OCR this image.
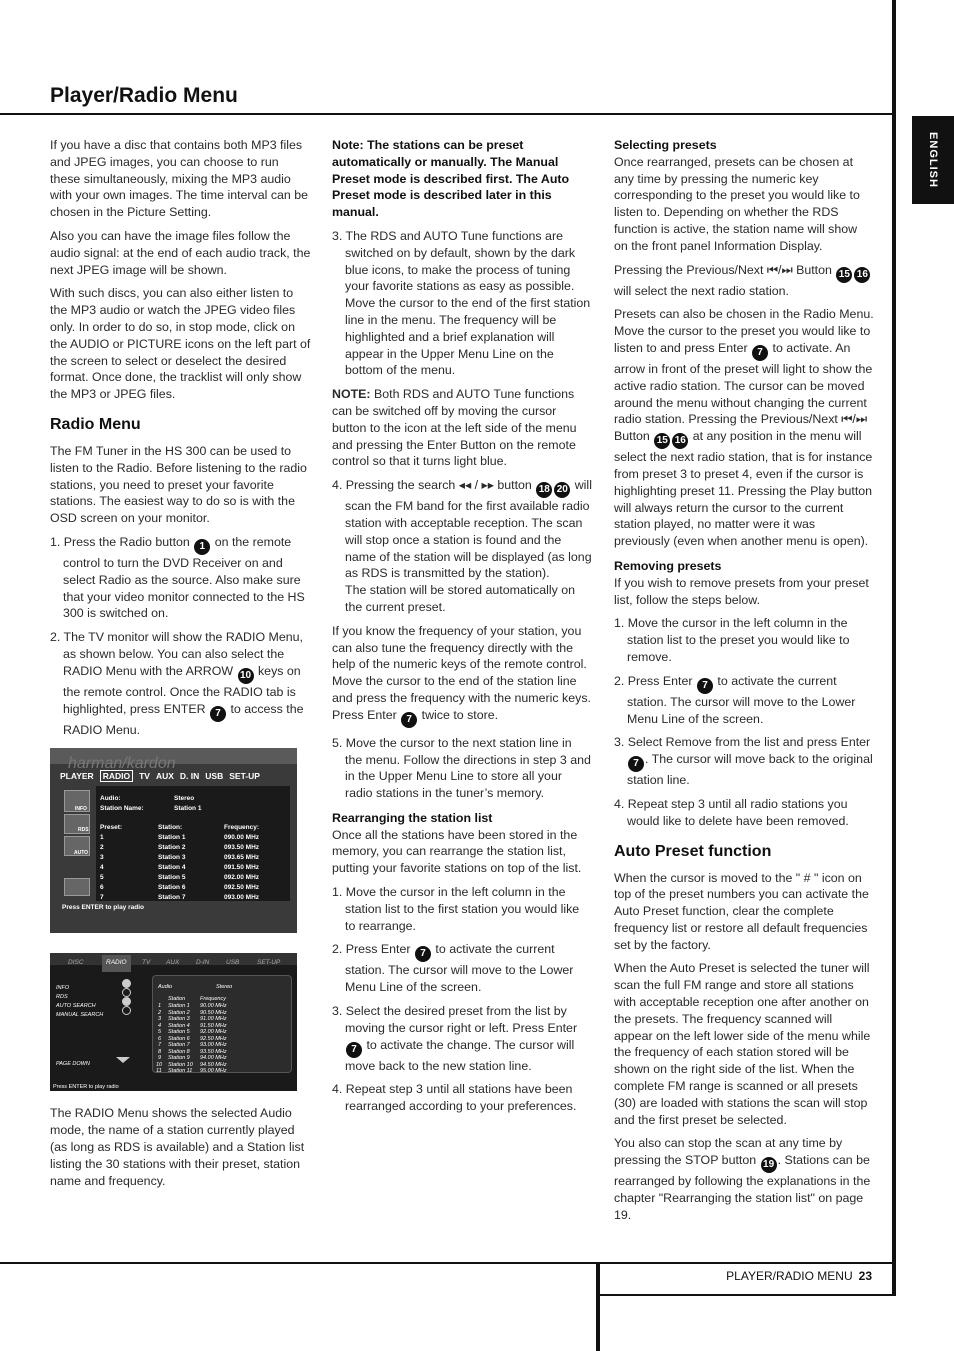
Player/Radio Menu
ENGLISH
PLAYER/RADIO MENU 23

If you have a disc that contains both MP3 files and JPEG images, you can choose to run these simultaneously, mixing the MP3 audio with your own images. The time interval can be chosen in the Picture Setting.

Also you can have the image files follow the audio signal: at the end of each audio track, the next JPEG image will be shown.

With such discs, you can also either listen to the MP3 audio or watch the JPEG video files only. In order to do so, in stop mode, click on the AUDIO or PICTURE icons on the left part of the screen to select or deselect the desired format. Once done, the tracklist will only show the MP3 or JPEG files.

Radio Menu

The FM Tuner in the HS 300 can be used to listen to the Radio. Before listening to the radio stations, you need to preset your favorite stations. The easiest way to do so is with the OSD screen on your monitor.

1. Press the Radio button 1 on the remote control to turn the DVD Receiver on and select Radio as the source. Also make sure that your video monitor connected to the HS 300 is switched on.

2. The TV monitor will show the RADIO Menu, as shown below. You can also select the RADIO Menu with the ARROW 10 keys on the remote control. Once the RADIO tab is highlighted, press ENTER 7 to access the RADIO Menu.

harman/kardon
PLAYER RADIO TV AUX D. IN USB SET-UP
INFO
RDS
AUTO
Audio:	Stereo
Station Name:	Station 1
Preset:	Station:	Frequency:
1	Station 1	090.00 MHz
2	Station 2	093.50 MHz
3	Station 3	093.65 MHz
4	Station 4	091.50 MHz
5	Station 5	092.00 MHz
6	Station 6	092.50 MHz
7	Station 7	093.00 MHz
Press ENTER to play radio
DISC	RADIO	TV AUX	D-IN	USB	SET-UP
INFO
RDS
AUTO SEARCH
MANUAL SEARCH
PAGE DOWN
Audio	Stereo
Station	Frequency
1 Station 1 90.00 MHz
2 Station 2 90.50 MHz
3 Station 3 91.00 MHz
4 Station 4 91.50 MHz
5 Station 5 92.00 MHz
6 Station 6 92.50 MHz
7 Station 7 93.00 MHz
8 Station 8 93.50 MHz
9 Station 9 94.00 MHz
10 Station 10 94.50 MHz
11 Station 11 95.00 MHz
Press ENTER to play radio

The RADIO Menu shows the selected Audio mode, the name of a station currently played (as long as RDS is available) and a Station list listing the 30 stations with their preset, station name and frequency.

Note: The stations can be preset automatically or manually. The Manual Preset mode is described first. The Auto Preset mode is described later in this manual.

3. The RDS and AUTO Tune functions are switched on by default, shown by the dark blue icons, to make the process of tuning your favorite stations as easy as possible. Move the cursor to the end of the first station line in the menu. The frequency will be highlighted and a brief explanation will appear in the Upper Menu Line on the bottom of the menu.

NOTE: Both RDS and AUTO Tune functions can be switched off by moving the cursor button to the icon at the left side of the menu and pressing the Enter Button on the remote control so that it turns light blue.

4. Pressing the search ◂◂ / ▸▸ button 18 20 will scan the FM band for the first available radio station with acceptable reception. The scan will stop once a station is found and the name of the station will be displayed (as long as RDS is transmitted by the station).
The station will be stored automatically on the current preset.

If you know the frequency of your station, you can also tune the frequency directly with the help of the numeric keys of the remote control. Move the cursor to the end of the station line and press the frequency with the numeric keys. Press Enter 7 twice to store.

5. Move the cursor to the next station line in the menu. Follow the directions in step 3 and in the Upper Menu Line to store all your radio stations in the tuner’s memory.

Rearranging the station list

Once all the stations have been stored in the memory, you can rearrange the station list, putting your favorite stations on top of the list.

1. Move the cursor in the left column in the station list to the first station you would like to rearrange.

2. Press Enter 7 to activate the current station. The cursor will move to the Lower Menu Line of the screen.

3. Select the desired preset from the list by moving the cursor right or left. Press Enter 7 to activate the change. The cursor will move back to the new station line.

4. Repeat step 3 until all stations have been rearranged according to your preferences.

Selecting presets

Once rearranged, presets can be chosen at any time by pressing the numeric key corresponding to the preset you would like to listen to. Depending on whether the RDS function is active, the station name will show on the front panel Information Display.

Pressing the Previous/Next ⏮/⏭ Button 15 16 will select the next radio station.

Presets can also be chosen in the Radio Menu. Move the cursor to the preset you would like to listen to and press Enter 7 to activate. An arrow in front of the preset will light to show the active radio station. The cursor can be moved around the menu without changing the current radio station. Pressing the Previous/Next ⏮/⏭ Button 15 16 at any position in the menu will select the next radio station, that is for instance from preset 3 to preset 4, even if the cursor is highlighting preset 11. Pressing the Play button will always return the cursor to the current station played, no matter were it was previously (even when another menu is open).

Removing presets

If you wish to remove presets from your preset list, follow the steps below.

1. Move the cursor in the left column in the station list to the preset you would like to remove.

2. Press Enter 7 to activate the current station. The cursor will move to the Lower Menu Line of the screen.

3. Select Remove from the list and press Enter 7 . The cursor will move back to the original station line.

4. Repeat step 3 until all radio stations you would like to delete have been removed.

Auto Preset function

When the cursor is moved to the " # " icon on top of the preset numbers you can activate the Auto Preset function, clear the complete frequency list or restore all default frequencies set by the factory.

When the Auto Preset is selected the tuner will scan the full FM range and store all stations with acceptable reception one after another on the presets. The frequency scanned will appear on the left lower side of the menu while the frequency of each station stored will be shown on the right side of the list. When the complete FM range is scanned or all presets (30) are loaded with stations the scan will stop and the first preset be selected.

You also can stop the scan at any time by pressing the STOP button 19 . Stations can be rearranged by following the explanations in the chapter "Rearranging the station list" on page 19.
